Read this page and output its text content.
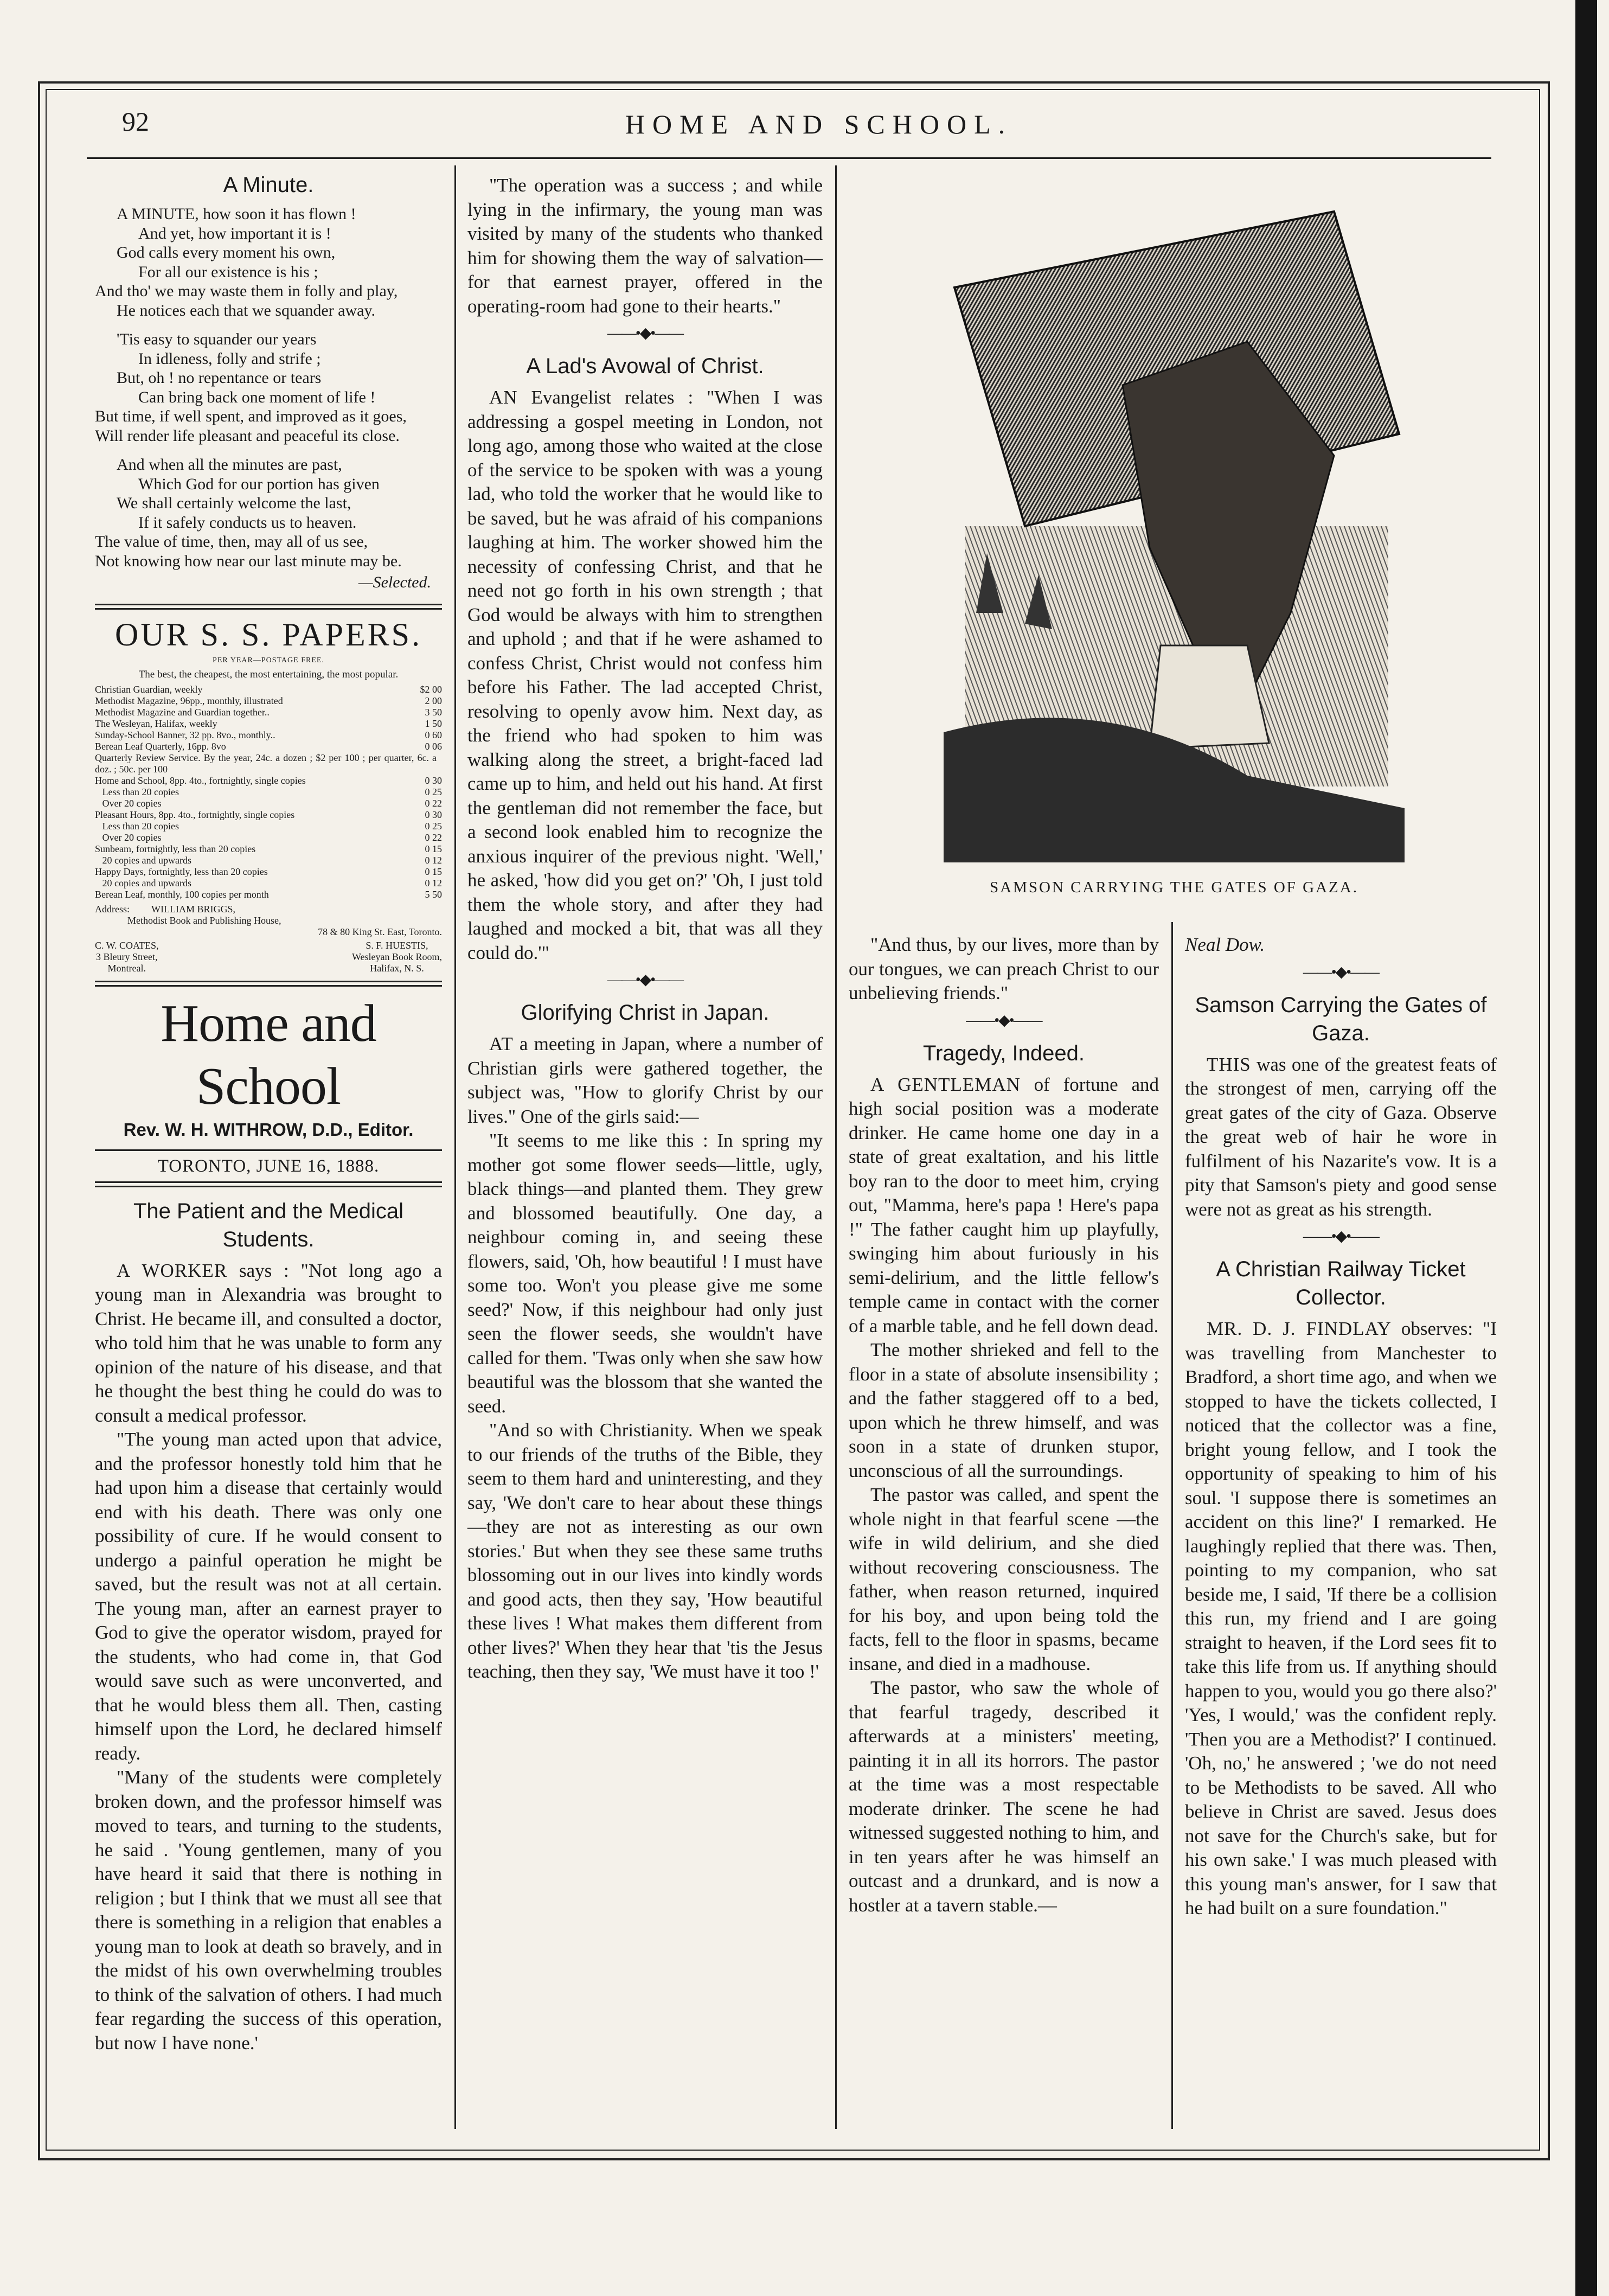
92	HOME AND SCHOOL.
A Minute.
A MINUTE, how soon it has flown !
And yet, how important it is !
God calls every moment his own,
For all our existence is his ;
And tho' we may waste them in folly and play,
He notices each that we squander away.
'Tis easy to squander our years
In idleness, folly and strife ;
But, oh ! no repentance or tears
Can bring back one moment of life !
But time, if well spent, and improved as it goes,
Will render life pleasant and peaceful its close.
And when all the minutes are past,
Which God for our portion has given
We shall certainly welcome the last,
If it safely conducts us to heaven.
The value of time, then, may all of us see,
Not knowing how near our last minute may be.
—Selected.
OUR S. S. PAPERS.
PER YEAR—POSTAGE FREE.
The best, the cheapest, the most entertaining, the most popular.
Christian Guardian, weekly	$2 00
Methodist Magazine, 96pp., monthly, illustrated	2 00
Methodist Magazine and Guardian together..	3 50
The Wesleyan, Halifax, weekly	1 50
Sunday-School Banner, 32 pp. 8vo., monthly..	0 60
Berean Leaf Quarterly, 16pp. 8vo	0 06
Quarterly Review Service. By the year, 24c. a dozen ; $2 per 100 ; per quarter, 6c. a doz. ; 50c. per 100
Home and School, 8pp. 4to., fortnightly, single copies	0 30
Less than 20 copies	0 25
Over 20 copies	0 22
Pleasant Hours, 8pp. 4to., fortnightly, single copies	0 30
Less than 20 copies	0 25
Over 20 copies	0 22
Sunbeam, fortnightly, less than 20 copies	0 15
20 copies and upwards	0 12
Happy Days, fortnightly, less than 20 copies	0 15
20 copies and upwards	0 12
Berean Leaf, monthly, 100 copies per month	5 50
Address: WILLIAM BRIGGS,
Methodist Book and Publishing House,
78 & 80 King St. East, Toronto.
C. W. COATES,
3 Bleury Street,
Montreal.
S. F. HUESTIS,
Wesleyan Book Room,
Halifax, N. S.
Home and School
Rev. W. H. WITHROW, D.D., Editor.
TORONTO, JUNE 16, 1888.
The Patient and the Medical Students.

A WORKER says : "Not long ago a young man in Alexandria was brought to Christ. He became ill, and consulted a doctor, who told him that he was unable to form any opinion of the nature of his disease, and that he thought the best thing he could do was to consult a medical professor.

"The young man acted upon that advice, and the professor honestly told him that he had upon him a disease that certainly would end with his death. There was only one possibility of cure. If he would consent to undergo a painful operation he might be saved, but the result was not at all certain. The young man, after an earnest prayer to God to give the operator wisdom, prayed for the students, who had come in, that God would save such as were unconverted, and that he would bless them all. Then, casting himself upon the Lord, he declared himself ready.

"Many of the students were completely broken down, and the professor himself was moved to tears, and turning to the students, he said . 'Young gentlemen, many of you have heard it said that there is nothing in religion ; but I think that we must all see that there is something in a religion that enables a young man to look at death so bravely, and in the midst of his own overwhelming troubles to think of the salvation of others. I had much fear regarding the success of this operation, but now I have none.'

"The operation was a success ; and while lying in the infirmary, the young man was visited by many of the students who thanked him for showing them the way of salvation—for that earnest prayer, offered in the operating-room had gone to their hearts."

——•◆•——
A Lad's Avowal of Christ.

AN Evangelist relates : "When I was addressing a gospel meeting in London, not long ago, among those who waited at the close of the service to be spoken with was a young lad, who told the worker that he would like to be saved, but he was afraid of his companions laughing at him. The worker showed him the necessity of confessing Christ, and that he need not go forth in his own strength ; that God would be always with him to strengthen and uphold ; and that if he were ashamed to confess Christ, Christ would not confess him before his Father. The lad accepted Christ, resolving to openly avow him. Next day, as the friend who had spoken to him was walking along the street, a bright-faced lad came up to him, and held out his hand. At first the gentleman did not remember the face, but a second look enabled him to recognize the anxious inquirer of the previous night. 'Well,' he asked, 'how did you get on?' 'Oh, I just told them the whole story, and after they had laughed and mocked a bit, that was all they could do.'"

——•◆•——
Glorifying Christ in Japan.

AT a meeting in Japan, where a number of Christian girls were gathered together, the subject was, "How to glorify Christ by our lives." One of the girls said:—

"It seems to me like this : In spring my mother got some flower seeds—little, ugly, black things—and planted them. They grew and blossomed beautifully. One day, a neighbour coming in, and seeing these flowers, said, 'Oh, how beautiful ! I must have some too. Won't you please give me some seed?' Now, if this neighbour had only just seen the flower seeds, she wouldn't have called for them. 'Twas only when she saw how beautiful was the blossom that she wanted the seed.

"And so with Christianity. When we speak to our friends of the truths of the Bible, they seem to them hard and uninteresting, and they say, 'We don't care to hear about these things—they are not as interesting as our own stories.' But when they see these same truths blossoming out in our lives into kindly words and good acts, then they say, 'How beautiful these lives ! What makes them different from other lives?' When they hear that 'tis the Jesus teaching, then they say, 'We must have it too !'

SAMSON CARRYING THE GATES OF GAZA.

"And thus, by our lives, more than by our tongues, we can preach Christ to our unbelieving friends."

——•◆•——
Tragedy, Indeed.

A GENTLEMAN of fortune and high social position was a moderate drinker. He came home one day in a state of great exaltation, and his little boy ran to the door to meet him, crying out, "Mamma, here's papa ! Here's papa !" The father caught him up playfully, swinging him about furiously in his semi-delirium, and the little fellow's temple came in contact with the corner of a marble table, and he fell down dead.

The mother shrieked and fell to the floor in a state of absolute insensibility ; and the father staggered off to a bed, upon which he threw himself, and was soon in a state of drunken stupor, unconscious of all the surroundings.

The pastor was called, and spent the whole night in that fearful scene —the wife in wild delirium, and she died without recovering consciousness. The father, when reason returned, inquired for his boy, and upon being told the facts, fell to the floor in spasms, became insane, and died in a madhouse.

The pastor, who saw the whole of that fearful tragedy, described it afterwards at a ministers' meeting, painting it in all its horrors. The pastor at the time was a most respectable moderate drinker. The scene he had witnessed suggested nothing to him, and in ten years after he was himself an outcast and a drunkard, and is now a hostler at a tavern stable.—

Neal Dow.

——•◆•——
Samson Carrying the Gates of Gaza.

THIS was one of the greatest feats of the strongest of men, carrying off the great gates of the city of Gaza. Observe the great web of hair he wore in fulfilment of his Nazarite's vow. It is a pity that Samson's piety and good sense were not as great as his strength.

——•◆•——
A Christian Railway Ticket Collector.

MR. D. J. FINDLAY observes: "I was travelling from Manchester to Bradford, a short time ago, and when we stopped to have the tickets collected, I noticed that the collector was a fine, bright young fellow, and I took the opportunity of speaking to him of his soul. 'I suppose there is sometimes an accident on this line?' I remarked. He laughingly replied that there was. Then, pointing to my companion, who sat beside me, I said, 'If there be a collision this run, my friend and I are going straight to heaven, if the Lord sees fit to take this life from us. If anything should happen to you, would you go there also?' 'Yes, I would,' was the confident reply. 'Then you are a Methodist?' I continued. 'Oh, no,' he answered ; 'we do not need to be Methodists to be saved. All who believe in Christ are saved. Jesus does not save for the Church's sake, but for his own sake.' I was much pleased with this young man's answer, for I saw that he had built on a sure foundation."
